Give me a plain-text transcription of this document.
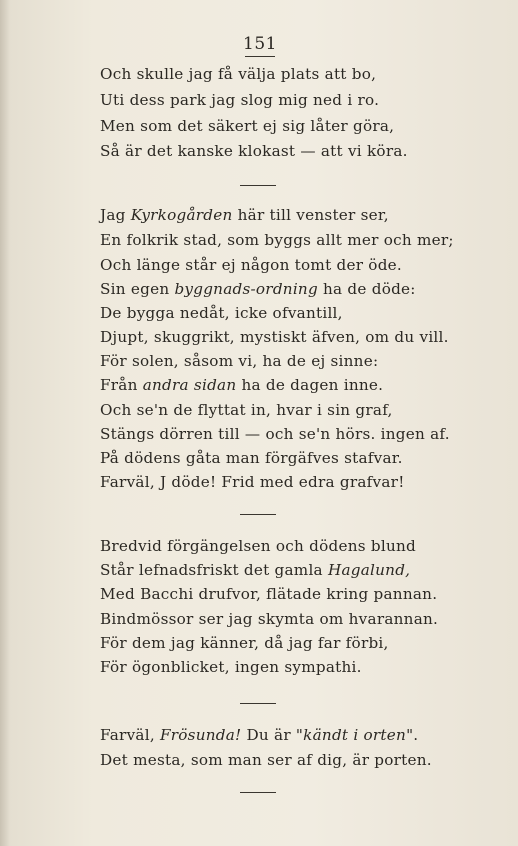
151
Och skulle jag få välja plats att bo,
Uti dess park jag slog mig ned i ro.
Men som det säkert ej sig låter göra,
Så är det kanske klokast — att vi köra.
Jag Kyrkogården här till venster ser,
En folkrik stad, som byggs allt mer och mer;
Och länge står ej någon tomt der öde.
Sin egen byggnads-ordning ha de döde:
De bygga nedåt, icke ofvantill,
Djupt, skuggrikt, mystiskt äfven, om du vill.
För solen, såsom vi, ha de ej sinne:
Från andra sidan ha de dagen inne.
Och se'n de flyttat in, hvar i sin graf,
Stängs dörren till — och se'n hörs. ingen af.
På dödens gåta man förgäfves stafvar.
Farväl, J döde! Frid med edra grafvar!
Bredvid förgängelsen och dödens blund
Står lefnadsfriskt det gamla Hagalund,
Med Bacchi drufvor, flätade kring pannan.
Bindmössor ser jag skymta om hvarannan.
För dem jag känner, då jag far förbi,
För ögonblicket, ingen sympathi.
Farväl, Frösunda! Du är "kändt i orten".
Det mesta, som man ser af dig, är porten.
